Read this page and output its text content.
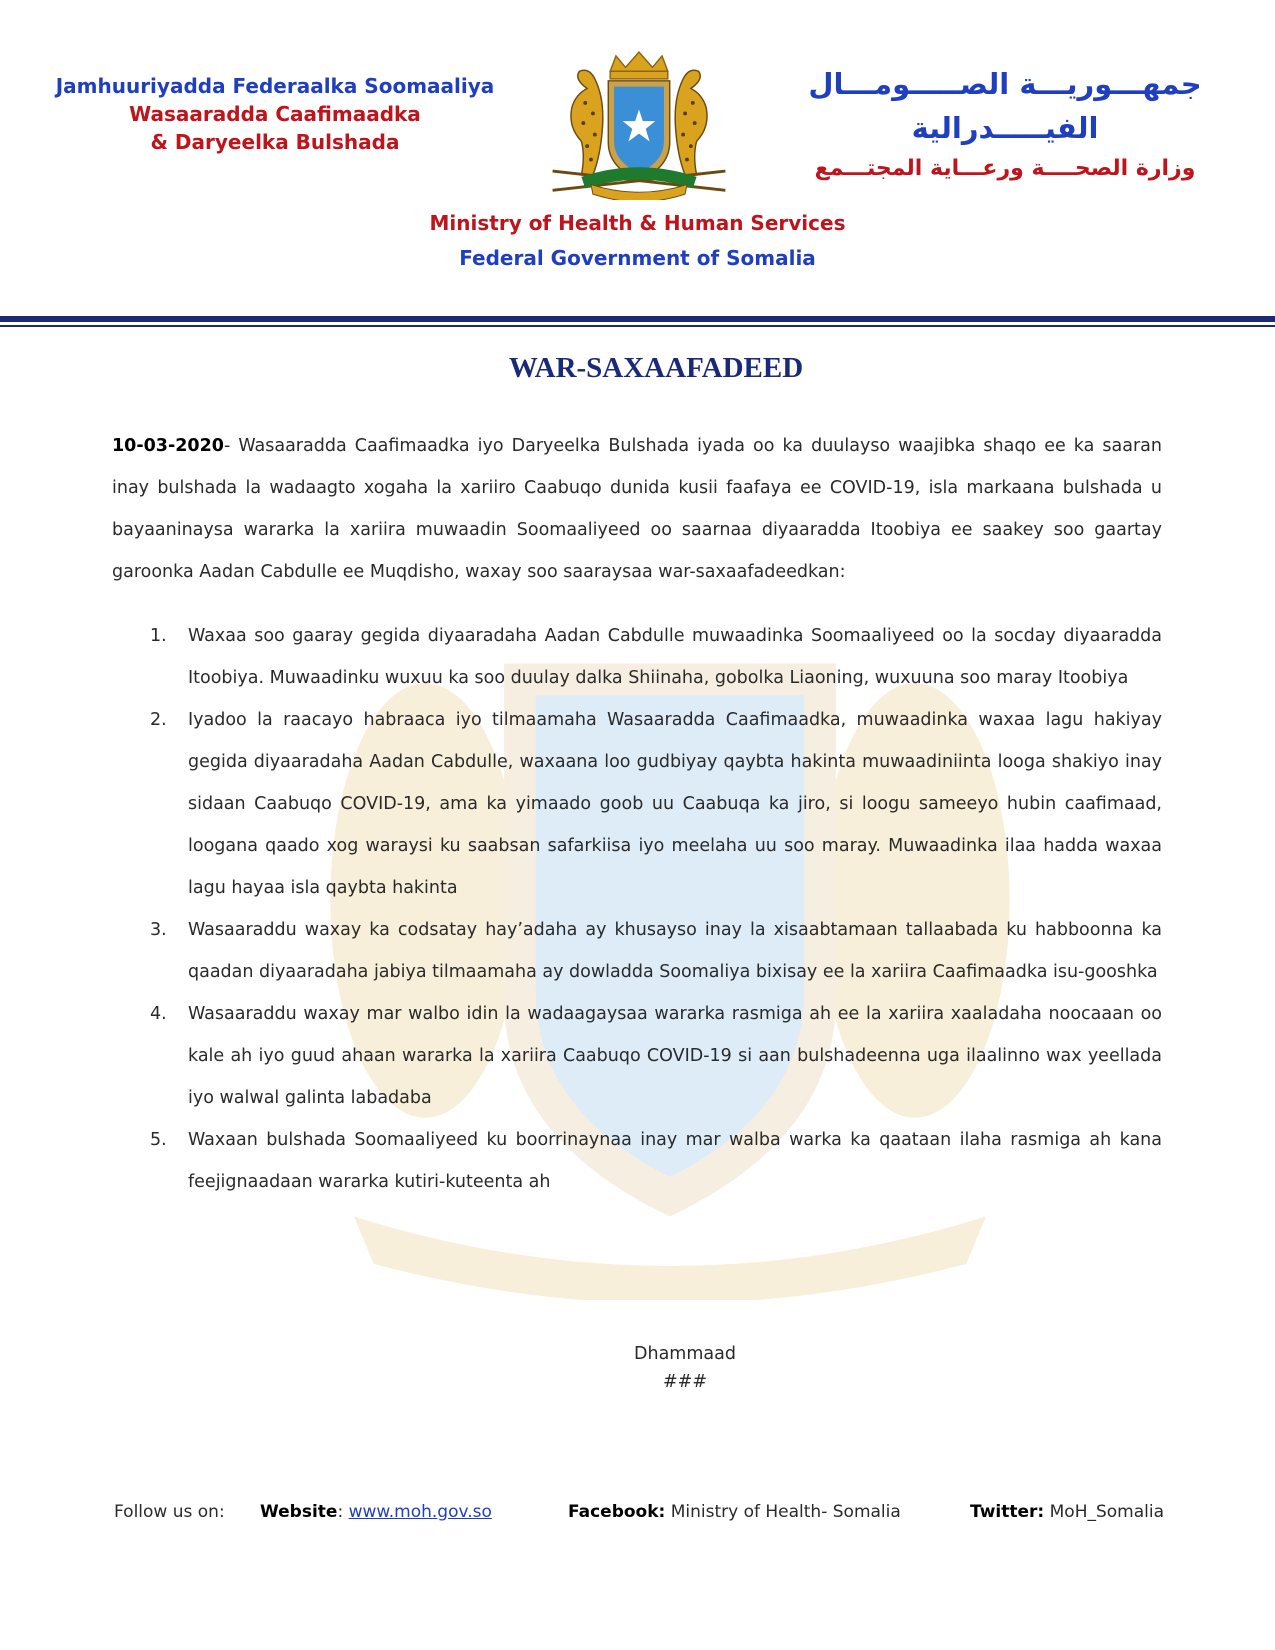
Jamhuuriyadda Federaalka Soomaaliya
Wasaaradda Caafimaadka
& Daryeelka Bulshada
جمهـــوريـــة الصـــــومـــال الفيـــــدرالية
وزارة الصحــــة ورعـــاية المجتـــمع
Ministry of Health & Human Services
Federal Government of Somalia
WAR-SAXAAFADEED

10-03-2020- Wasaaradda Caafimaadka iyo Daryeelka Bulshada iyada oo ka duulayso waajibka shaqo ee ka saaran inay bulshada la wadaagto xogaha la xariiro Caabuqo dunida kusii faafaya ee COVID-19, isla markaana bulshada u bayaaninaysa wararka la xariira muwaadin Soomaaliyeed oo saarnaa diyaaradda Itoobiya ee saakey soo gaartay garoonka Aadan Cabdulle ee Muqdisho, waxay soo saaraysaa war-saxaafadeedkan:

1. Waxaa soo gaaray gegida diyaaradaha Aadan Cabdulle muwaadinka Soomaaliyeed oo la socday diyaaradda Itoobiya. Muwaadinku wuxuu ka soo duulay dalka Shiinaha, gobolka Liaoning, wuxuuna soo maray Itoobiya
2. Iyadoo la raacayo habraaca iyo tilmaamaha Wasaaradda Caafimaadka, muwaadinka waxaa lagu hakiyay gegida diyaaradaha Aadan Cabdulle, waxaana loo gudbiyay qaybta hakinta muwaadiniinta looga shakiyo inay sidaan Caabuqo COVID-19, ama ka yimaado goob uu Caabuqa ka jiro, si loogu sameeyo hubin caafimaad, loogana qaado xog waraysi ku saabsan safarkiisa iyo meelaha uu soo maray. Muwaadinka ilaa hadda waxaa lagu hayaa isla qaybta hakinta
3. Wasaaraddu waxay ka codsatay hay’adaha ay khusayso inay la xisaabtamaan tallaabada ku habboonna ka qaadan diyaaradaha jabiya tilmaamaha ay dowladda Soomaliya bixisay ee la xariira Caafimaadka isu-gooshka
4. Wasaaraddu waxay mar walbo idin la wadaagaysaa wararka rasmiga ah ee la xariira xaaladaha noocaaan oo kale ah iyo guud ahaan wararka la xariira Caabuqo COVID-19 si aan bulshadeenna uga ilaalinno wax yeellada iyo walwal galinta labadaba
5. Waxaan bulshada Soomaaliyeed ku boorrinaynaa inay mar walba warka ka qaataan ilaha rasmiga ah kana feejignaadaan wararka kutiri-kuteenta ah
Dhammaad
###
Follow us on: Website: www.moh.gov.so	Facebook: Ministry of Health- Somalia	Twitter: MoH_Somalia
